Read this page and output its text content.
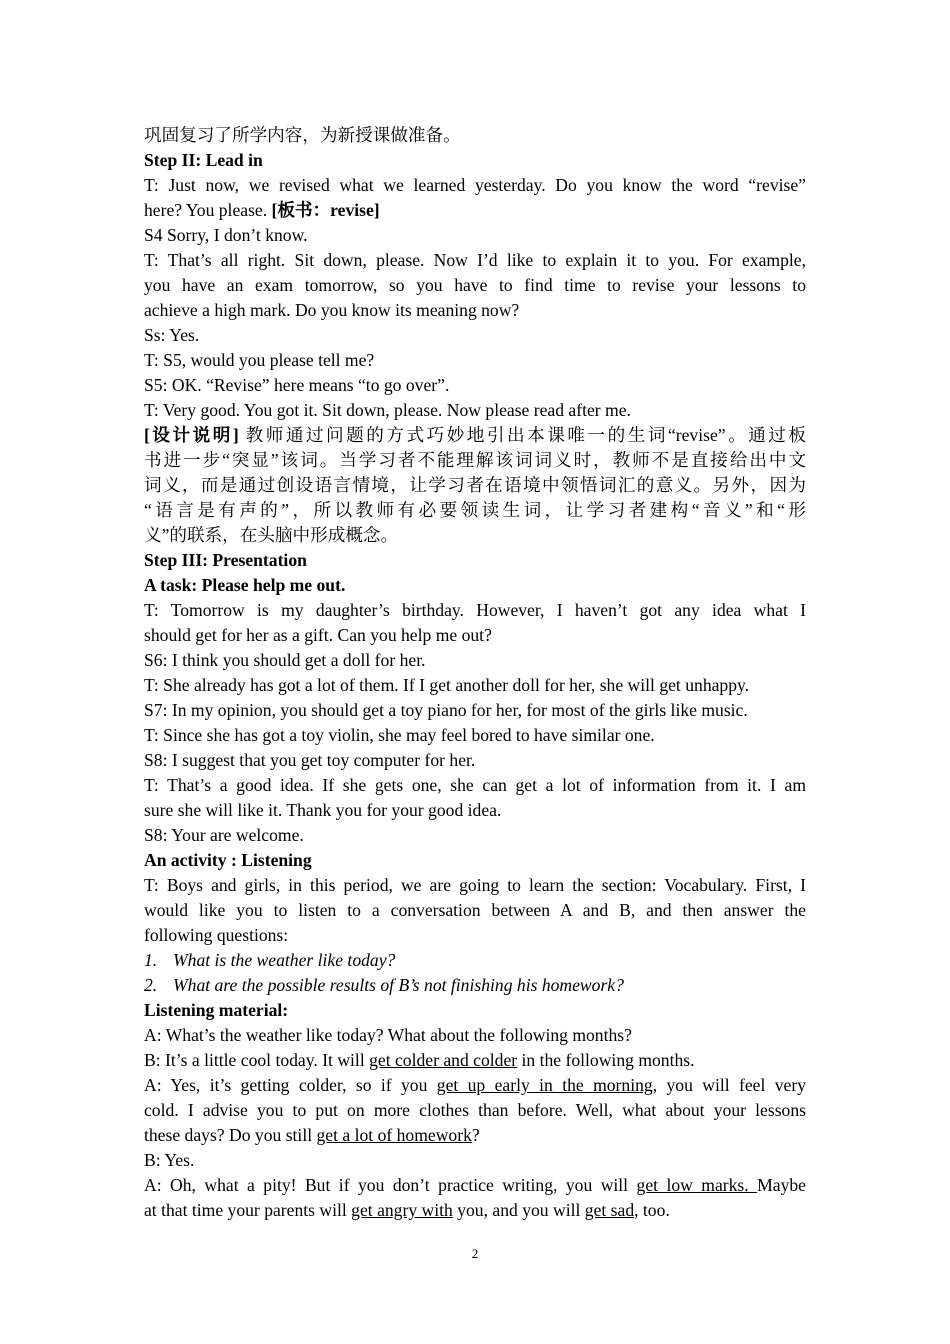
巩固复习了所学内容，为新授课做准备。
Step II: Lead in
T: Just now, we revised what we learned yesterday. Do you know the word “revise”
here? You please. [板书：revise]
S4 Sorry, I don’t know.
T: That’s all right. Sit down, please. Now I’d like to explain it to you. For example,
you have an exam tomorrow, so you have to find time to revise your lessons to
achieve a high mark. Do you know its meaning now?
Ss: Yes.
T: S5, would you please tell me?
S5: OK. “Revise” here means “to go over”.
T: Very good. You got it. Sit down, please. Now please read after me.
[设计说明] 教师通过问题的方式巧妙地引出本课唯一的生词“revise”。通过板
书进一步“突显”该词。当学习者不能理解该词词义时，教师不是直接给出中文
词义，而是通过创设语言情境，让学习者在语境中领悟词汇的意义。另外，因为
“语言是有声的”，所以教师有必要领读生词，让学习者建构“音义”和“形
义”的联系，在头脑中形成概念。
Step III: Presentation
A task: Please help me out.
T: Tomorrow is my daughter’s birthday. However, I haven’t got any idea what I
should get for her as a gift. Can you help me out?
S6: I think you should get a doll for her.
T: She already has got a lot of them. If I get another doll for her, she will get unhappy.
S7: In my opinion, you should get a toy piano for her, for most of the girls like music.
T: Since she has got a toy violin, she may feel bored to have similar one.
S8: I suggest that you get toy computer for her.
T: That’s a good idea. If she gets one, she can get a lot of information from it. I am
sure she will like it. Thank you for your good idea.
S8: Your are welcome.
An activity : Listening
T: Boys and girls, in this period, we are going to learn the section: Vocabulary. First, I
would like you to listen to a conversation between A and B, and then answer the
following questions:
1. What is the weather like today?
2. What are the possible results of B’s not finishing his homework?
Listening material:
A: What’s the weather like today? What about the following months?
B: It’s a little cool today. It will get colder and colder in the following months.
A: Yes, it’s getting colder, so if you get up early in the morning, you will feel very
cold. I advise you to put on more clothes than before. Well, what about your lessons
these days? Do you still get a lot of homework?
B: Yes.
A: Oh, what a pity! But if you don’t practice writing, you will get low marks. Maybe
at that time your parents will get angry with you, and you will get sad, too.
2
